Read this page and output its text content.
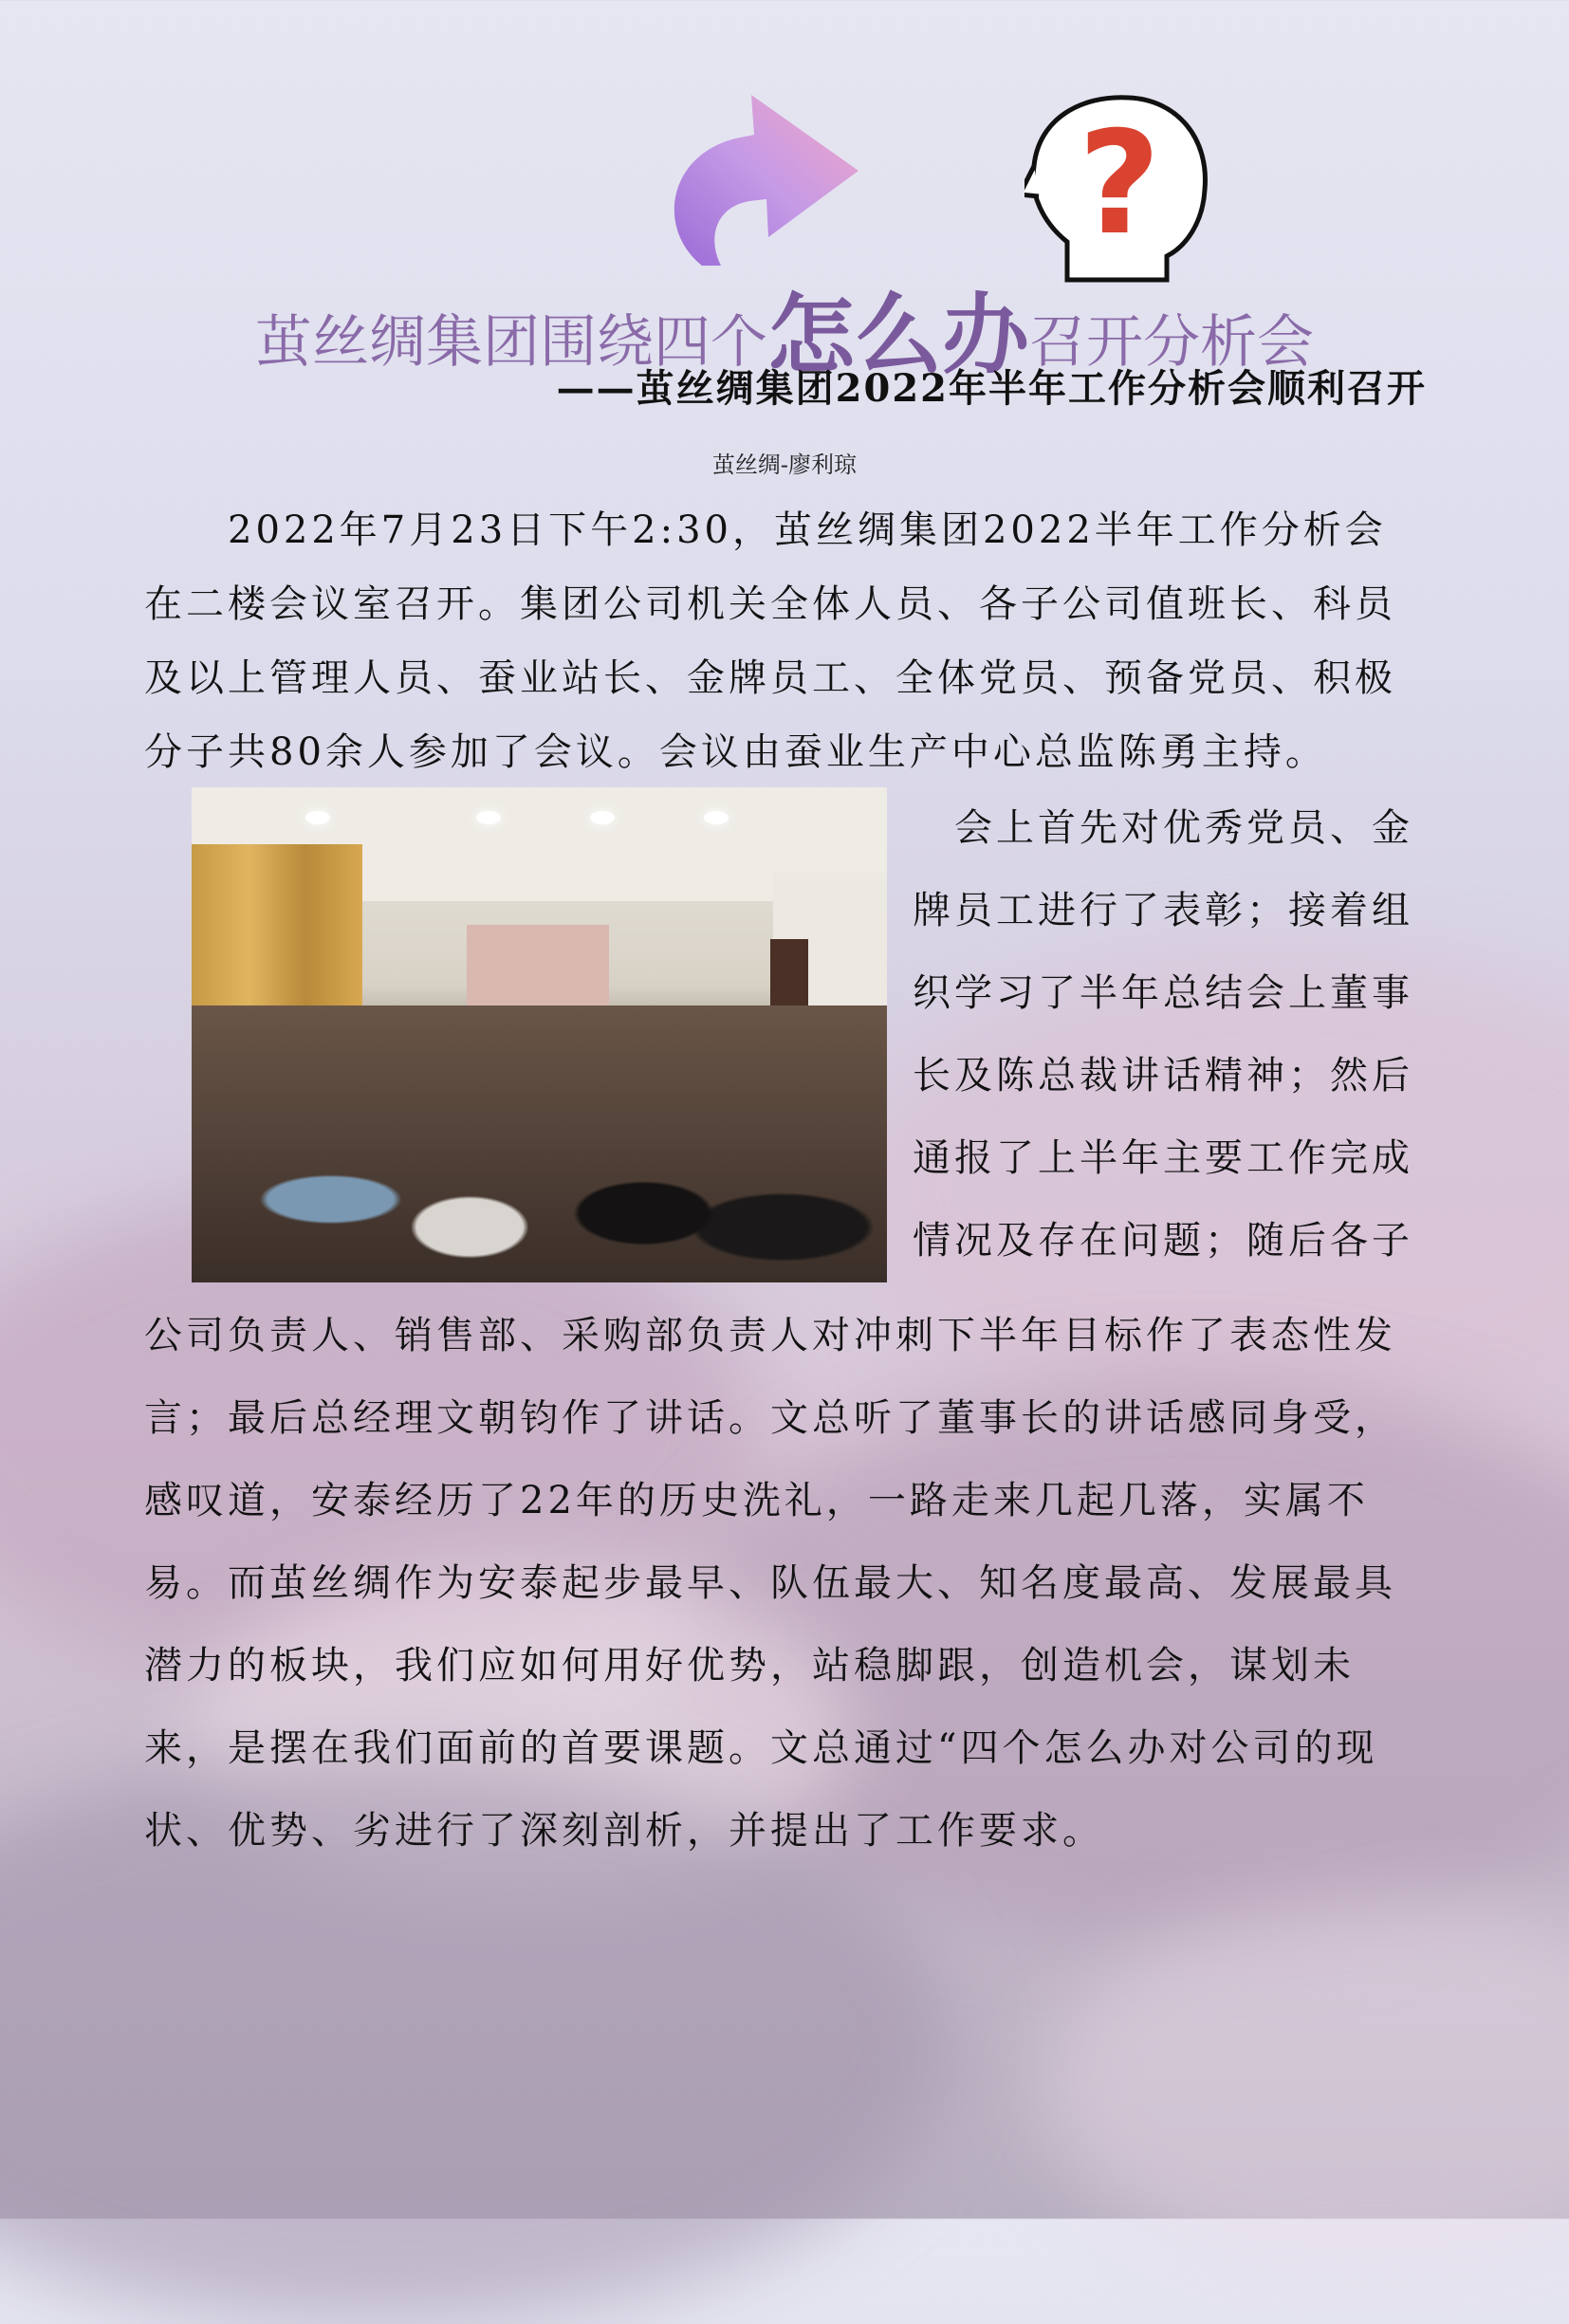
?
茧丝绸集团围绕四个怎么办召开分析会
——茧丝绸集团2022年半年工作分析会顺利召开
茧丝绸-廖利琼

2022年7月23日下午2:30，茧丝绸集团2022半年工作分析会在二楼会议室召开。集团公司机关全体人员、各子公司值班长、科员及以上管理人员、蚕业站长、金牌员工、全体党员、预备党员、积极分子共80余人参加了会议。会议由蚕业生产中心总监陈勇主持。

会上首先对优秀党员、金牌员工进行了表彰；接着组织学习了半年总结会上董事长及陈总裁讲话精神；然后通报了上半年主要工作完成情况及存在问题；随后各子

公司负责人、销售部、采购部负责人对冲刺下半年目标作了表态性发言；最后总经理文朝钧作了讲话。文总听了董事长的讲话感同身受，感叹道，安泰经历了22年的历史洗礼，一路走来几起几落，实属不易。而茧丝绸作为安泰起步最早、队伍最大、知名度最高、发展最具潜力的板块，我们应如何用好优势，站稳脚跟，创造机会，谋划未来，是摆在我们面前的首要课题。文总通过“四个怎么办对公司的现状、优势、劣进行了深刻剖析，并提出了工作要求。
